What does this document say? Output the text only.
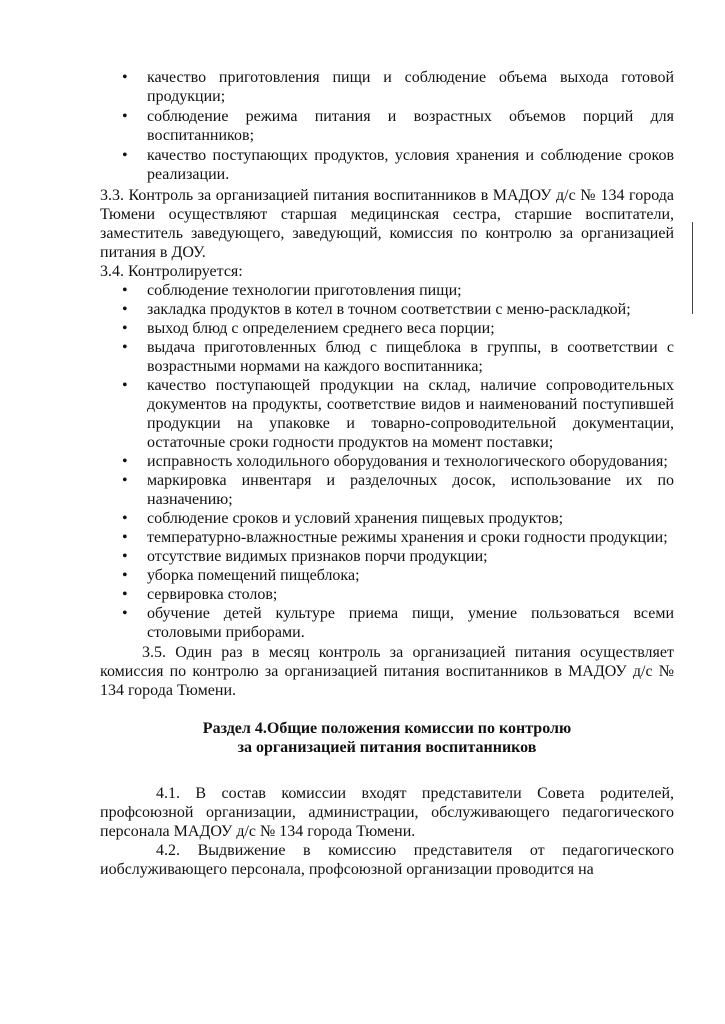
• качество приготовления пищи и соблюдение объема выхода готовой продукции;
• соблюдение режима питания и возрастных объемов порций для воспитанников;
• качество поступающих продуктов, условия хранения и соблюдение сроков реализации.

3.3. Контроль за организацией питания воспитанников в МАДОУ д/с № 134 города Тюмени осуществляют старшая медицинская сестра, старшие воспитатели, заместитель заведующего, заведующий, комиссия по контролю за организацией питания в ДОУ.

3.4. Контролируется:

• соблюдение технологии приготовления пищи;
• закладка продуктов в котел в точном соответствии с меню-раскладкой;
• выход блюд с определением среднего веса порции;
• выдача приготовленных блюд с пищеблока в группы, в соответствии с возрастными нормами на каждого воспитанника;
• качество поступающей продукции на склад, наличие сопроводительных документов на продукты, соответствие видов и наименований поступившей продукции на упаковке и товарно-сопроводительной документации, остаточные сроки годности продуктов на момент поставки;
• исправность холодильного оборудования и технологического оборудования;
• маркировка инвентаря и разделочных досок, использование их по назначению;
• соблюдение сроков и условий хранения пищевых продуктов;
• температурно-влажностные режимы хранения и сроки годности продукции;
• отсутствие видимых признаков порчи продукции;
• уборка помещений пищеблока;
• сервировка столов;
• обучение детей культуре приема пищи, умение пользоваться всеми столовыми приборами.

3.5. Один раз в месяц контроль за организацией питания осуществляет комиссия по контролю за организацией питания воспитанников в МАДОУ д/с № 134 города Тюмени.

Раздел 4.Общие положения комиссии по контролю

за организацией питания воспитанников

4.1. В состав комиссии входят представители Совета родителей, профсоюзной организации, администрации, обслуживающего педагогического персонала МАДОУ д/с № 134 города Тюмени.

4.2. Выдвижение в комиссию представителя от педагогического иобслуживающего персонала, профсоюзной организации проводится на
